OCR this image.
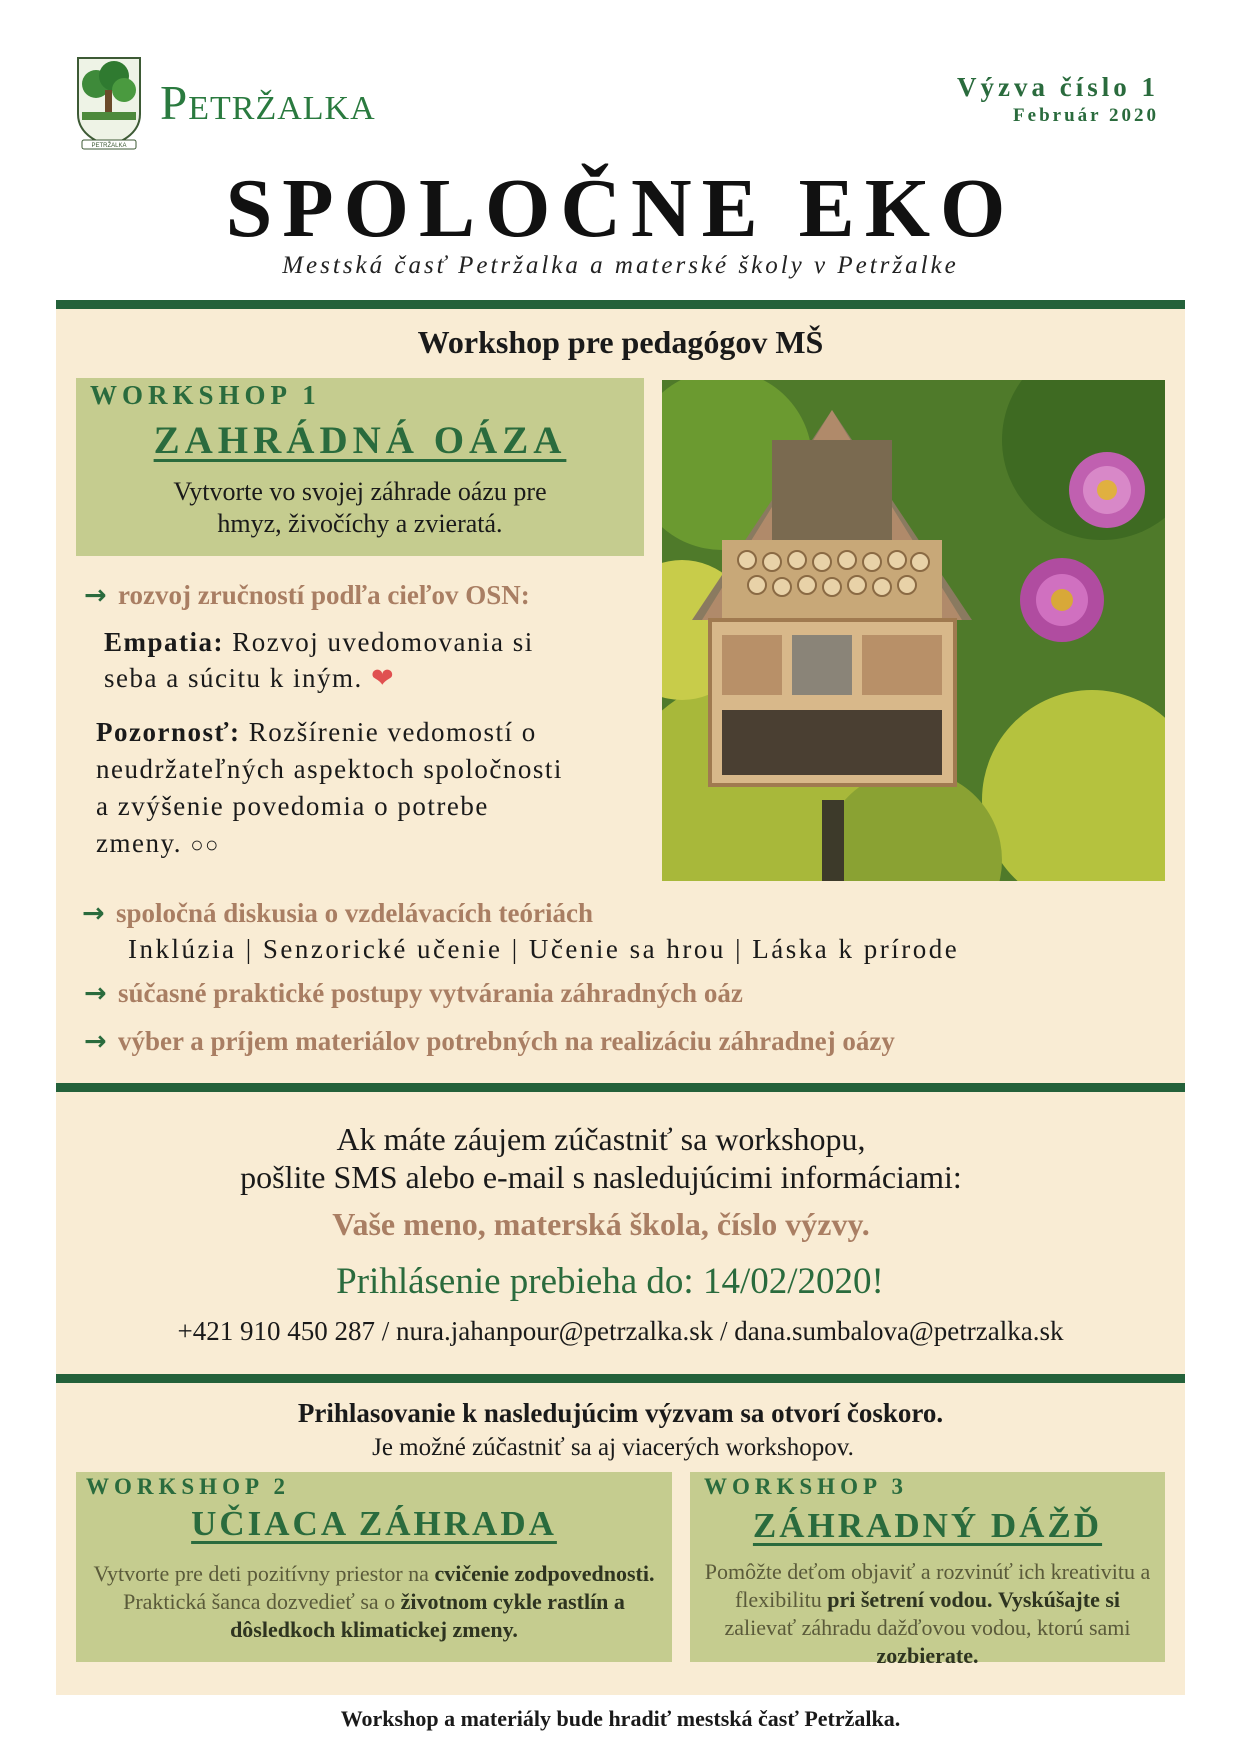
PETRŽALKA
Petržalka	Výzva číslo 1
Február 2020
SPOLOČNE EKO
Mestská časť Petržalka a materské školy v Petržalke
Workshop pre pedagógov MŠ
WORKSHOP 1
ZAHRÁDNÁ OÁZA
Vytvorte vo svojej záhrade oázu pre
hmyz, živočíchy a zvieratá.
→ rozvoj zručností podľa cieľov OSN:
Empatia: Rozvoj uvedomovania si
seba a súcitu k iným. ❤
Pozornosť: Rozšírenie vedomostí o
neudržateľných aspektoch spoločnosti
a zvýšenie povedomia o potrebe
zmeny. ○○
→ spoločná diskusia o vzdelávacích teóriách
Inklúzia | Senzorické učenie | Učenie sa hrou | Láska k prírode
→ súčasné praktické postupy vytvárania záhradných oáz
→ výber a príjem materiálov potrebných na realizáciu záhradnej oázy
Ak máte záujem zúčastniť sa workshopu,
pošlite SMS alebo e-mail s nasledujúcimi informáciami:
Vaše meno, materská škola, číslo výzvy.
Prihlásenie prebieha do: 14/02/2020!
+421 910 450 287 / nura.jahanpour@petrzalka.sk / dana.sumbalova@petrzalka.sk
Prihlasovanie k nasledujúcim výzvam sa otvorí čoskoro.
Je možné zúčastniť sa aj viacerých workshopov.
WORKSHOP 2
UČIACA ZÁHRADA
Vytvorte pre deti pozitívny priestor na cvičenie zodpovednosti. Praktická šanca dozvedieť sa o životnom cykle rastlín a dôsledkoch klimatickej zmeny.
WORKSHOP 3
ZÁHRADNÝ DÁŽĎ
Pomôžte deťom objaviť a rozvinúť ich kreativitu a flexibilitu pri šetrení vodou. Vyskúšajte si zalievať záhradu dažďovou vodou, ktorú sami zozbierate.
Workshop a materiály bude hradiť mestská časť Petržalka.
